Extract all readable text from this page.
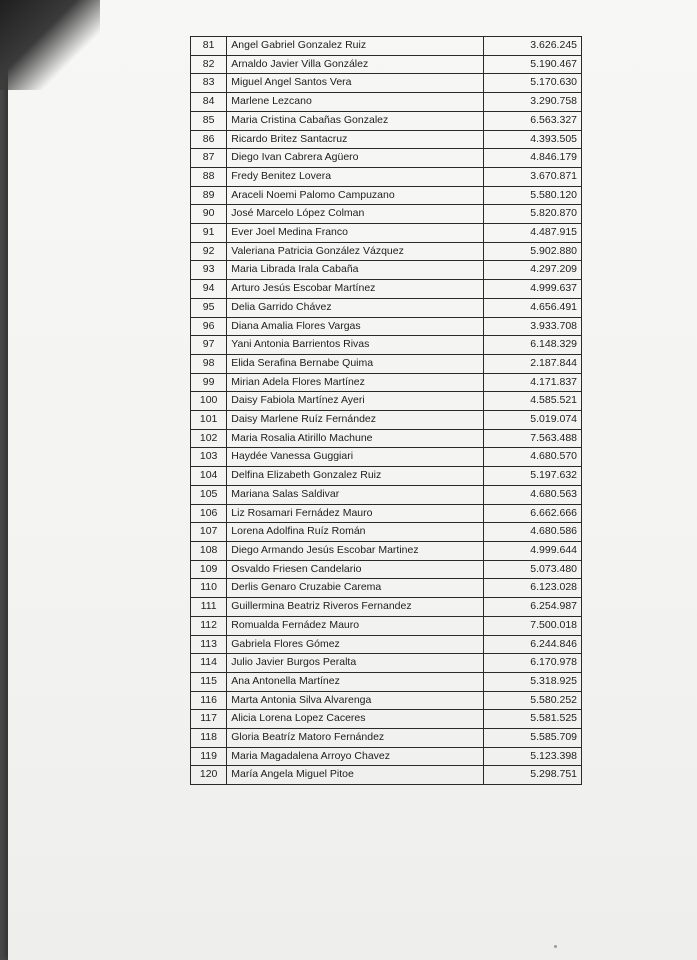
81	Angel Gabriel Gonzalez Ruiz	3.626.245
82	Arnaldo Javier Villa González	5.190.467
83	Miguel Angel Santos Vera	5.170.630
84	Marlene Lezcano	3.290.758
85	Maria Cristina Cabañas Gonzalez	6.563.327
86	Ricardo Britez Santacruz	4.393.505
87	Diego Ivan Cabrera Agüero	4.846.179
88	Fredy Benitez Lovera	3.670.871
89	Araceli Noemi Palomo Campuzano	5.580.120
90	José Marcelo López Colman	5.820.870
91	Ever Joel Medina Franco	4.487.915
92	Valeriana Patricia González Vázquez	5.902.880
93	Maria Librada Irala Cabaña	4.297.209
94	Arturo Jesús Escobar Martínez	4.999.637
95	Delia Garrido Chávez	4.656.491
96	Diana Amalia Flores Vargas	3.933.708
97	Yani Antonia Barrientos Rivas	6.148.329
98	Elida Serafina Bernabe Quima	2.187.844
99	Mirian Adela Flores Martínez	4.171.837
100	Daisy Fabiola Martínez Ayeri	4.585.521
101	Daisy Marlene Ruíz Fernández	5.019.074
102	Maria Rosalia Atirillo Machune	7.563.488
103	Haydée Vanessa Guggiari	4.680.570
104	Delfina Elizabeth Gonzalez Ruiz	5.197.632
105	Mariana Salas Saldivar	4.680.563
106	Liz Rosamari Fernádez Mauro	6.662.666
107	Lorena Adolfina Ruíz Román	4.680.586
108	Diego Armando Jesús Escobar Martinez	4.999.644
109	Osvaldo Friesen Candelario	5.073.480
110	Derlis Genaro Cruzabie Carema	6.123.028
111	Guillermina Beatriz Riveros Fernandez	6.254.987
112	Romualda Fernádez Mauro	7.500.018
113	Gabriela Flores Gómez	6.244.846
114	Julio Javier Burgos Peralta	6.170.978
115	Ana Antonella Martínez	5.318.925
116	Marta Antonia Silva Alvarenga	5.580.252
117	Alicia Lorena Lopez Caceres	5.581.525
118	Gloria Beatríz Matoro Fernández	5.585.709
119	Maria Magadalena Arroyo Chavez	5.123.398
120	María Angela Miguel Pitoe	5.298.751
